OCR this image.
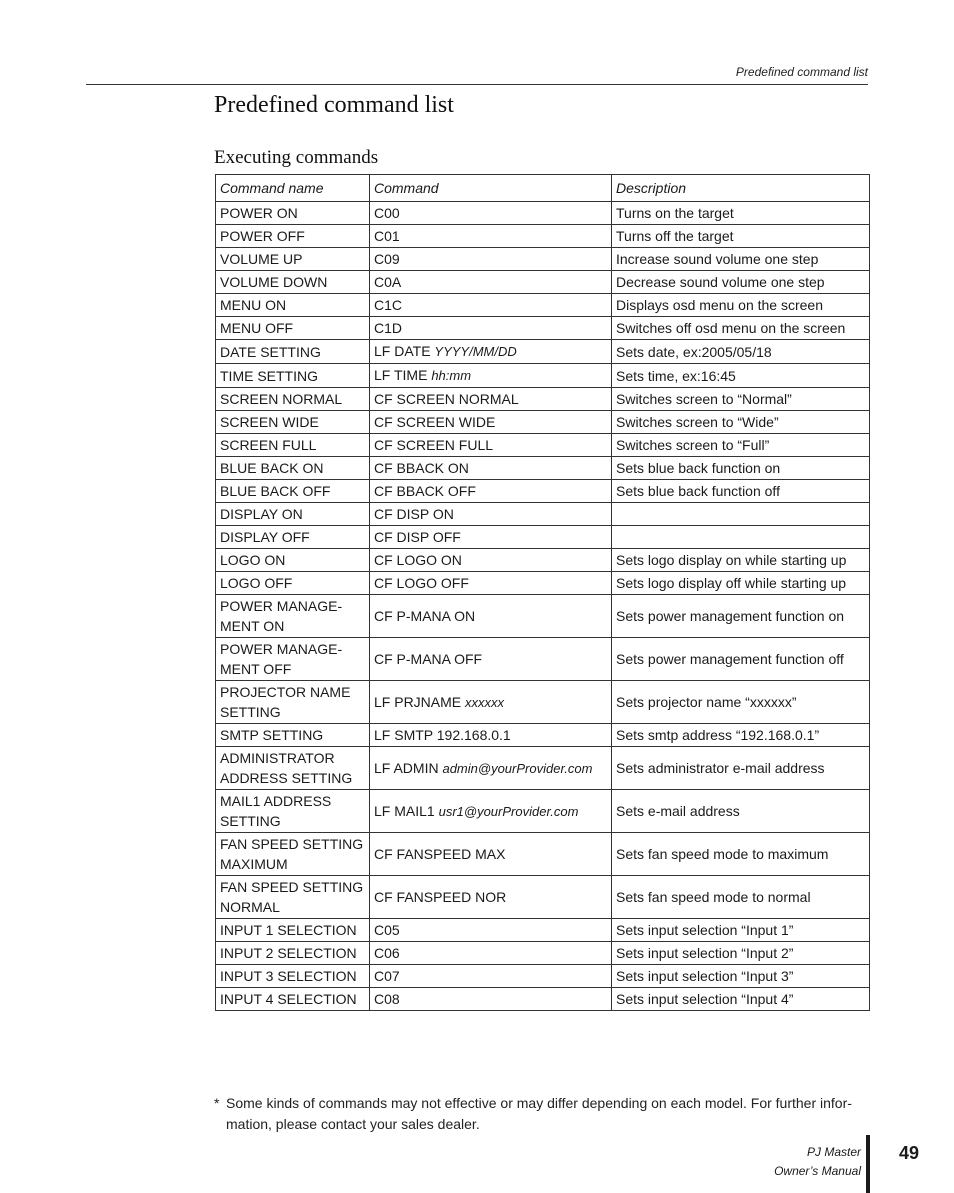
Predefined command list
Predefined command list
Executing commands
Command name	Command	Description
POWER ON	C00	Turns on the target
POWER OFF	C01	Turns off the target
VOLUME UP	C09	Increase sound volume one step
VOLUME DOWN	C0A	Decrease sound volume one step
MENU ON	C1C	Displays osd menu on the screen
MENU OFF	C1D	Switches off osd menu on the screen
DATE SETTING	LF DATE YYYY/MM/DD	Sets date, ex:2005/05/18
TIME SETTING	LF TIME hh:mm	Sets time, ex:16:45
SCREEN NORMAL	CF SCREEN NORMAL	Switches screen to “Normal”
SCREEN WIDE	CF SCREEN WIDE	Switches screen to “Wide”
SCREEN FULL	CF SCREEN FULL	Switches screen to “Full”
BLUE BACK ON	CF BBACK ON	Sets blue back function on
BLUE BACK OFF	CF BBACK OFF	Sets blue back function off
DISPLAY ON	CF DISP ON	
DISPLAY OFF	CF DISP OFF	
LOGO ON	CF LOGO ON	Sets logo display on while starting up
LOGO OFF	CF LOGO OFF	Sets logo display off while starting up
POWER MANAGE-
MENT ON	CF P-MANA ON	Sets power management function on
POWER MANAGE-
MENT OFF	CF P-MANA OFF	Sets power management function off
PROJECTOR NAME
SETTING	LF PRJNAME xxxxxx	Sets projector name “xxxxxx”
SMTP SETTING	LF SMTP 192.168.0.1	Sets smtp address “192.168.0.1”
ADMINISTRATOR
ADDRESS SETTING	LF ADMIN admin@yourProvider.com	Sets administrator e-mail address
MAIL1 ADDRESS
SETTING	LF MAIL1 usr1@yourProvider.com	Sets e-mail address
FAN SPEED SETTING
MAXIMUM	CF FANSPEED MAX	Sets fan speed mode to maximum
FAN SPEED SETTING
NORMAL	CF FANSPEED NOR	Sets fan speed mode to normal
INPUT 1 SELECTION	C05	Sets input selection “Input 1”
INPUT 2 SELECTION	C06	Sets input selection “Input 2”
INPUT 3 SELECTION	C07	Sets input selection “Input 3”
INPUT 4 SELECTION	C08	Sets input selection “Input 4”
* Some kinds of commands may not effective or may differ depending on each model. For further infor-
mation, please contact your sales dealer.
PJ Master
Owner’s Manual
49
